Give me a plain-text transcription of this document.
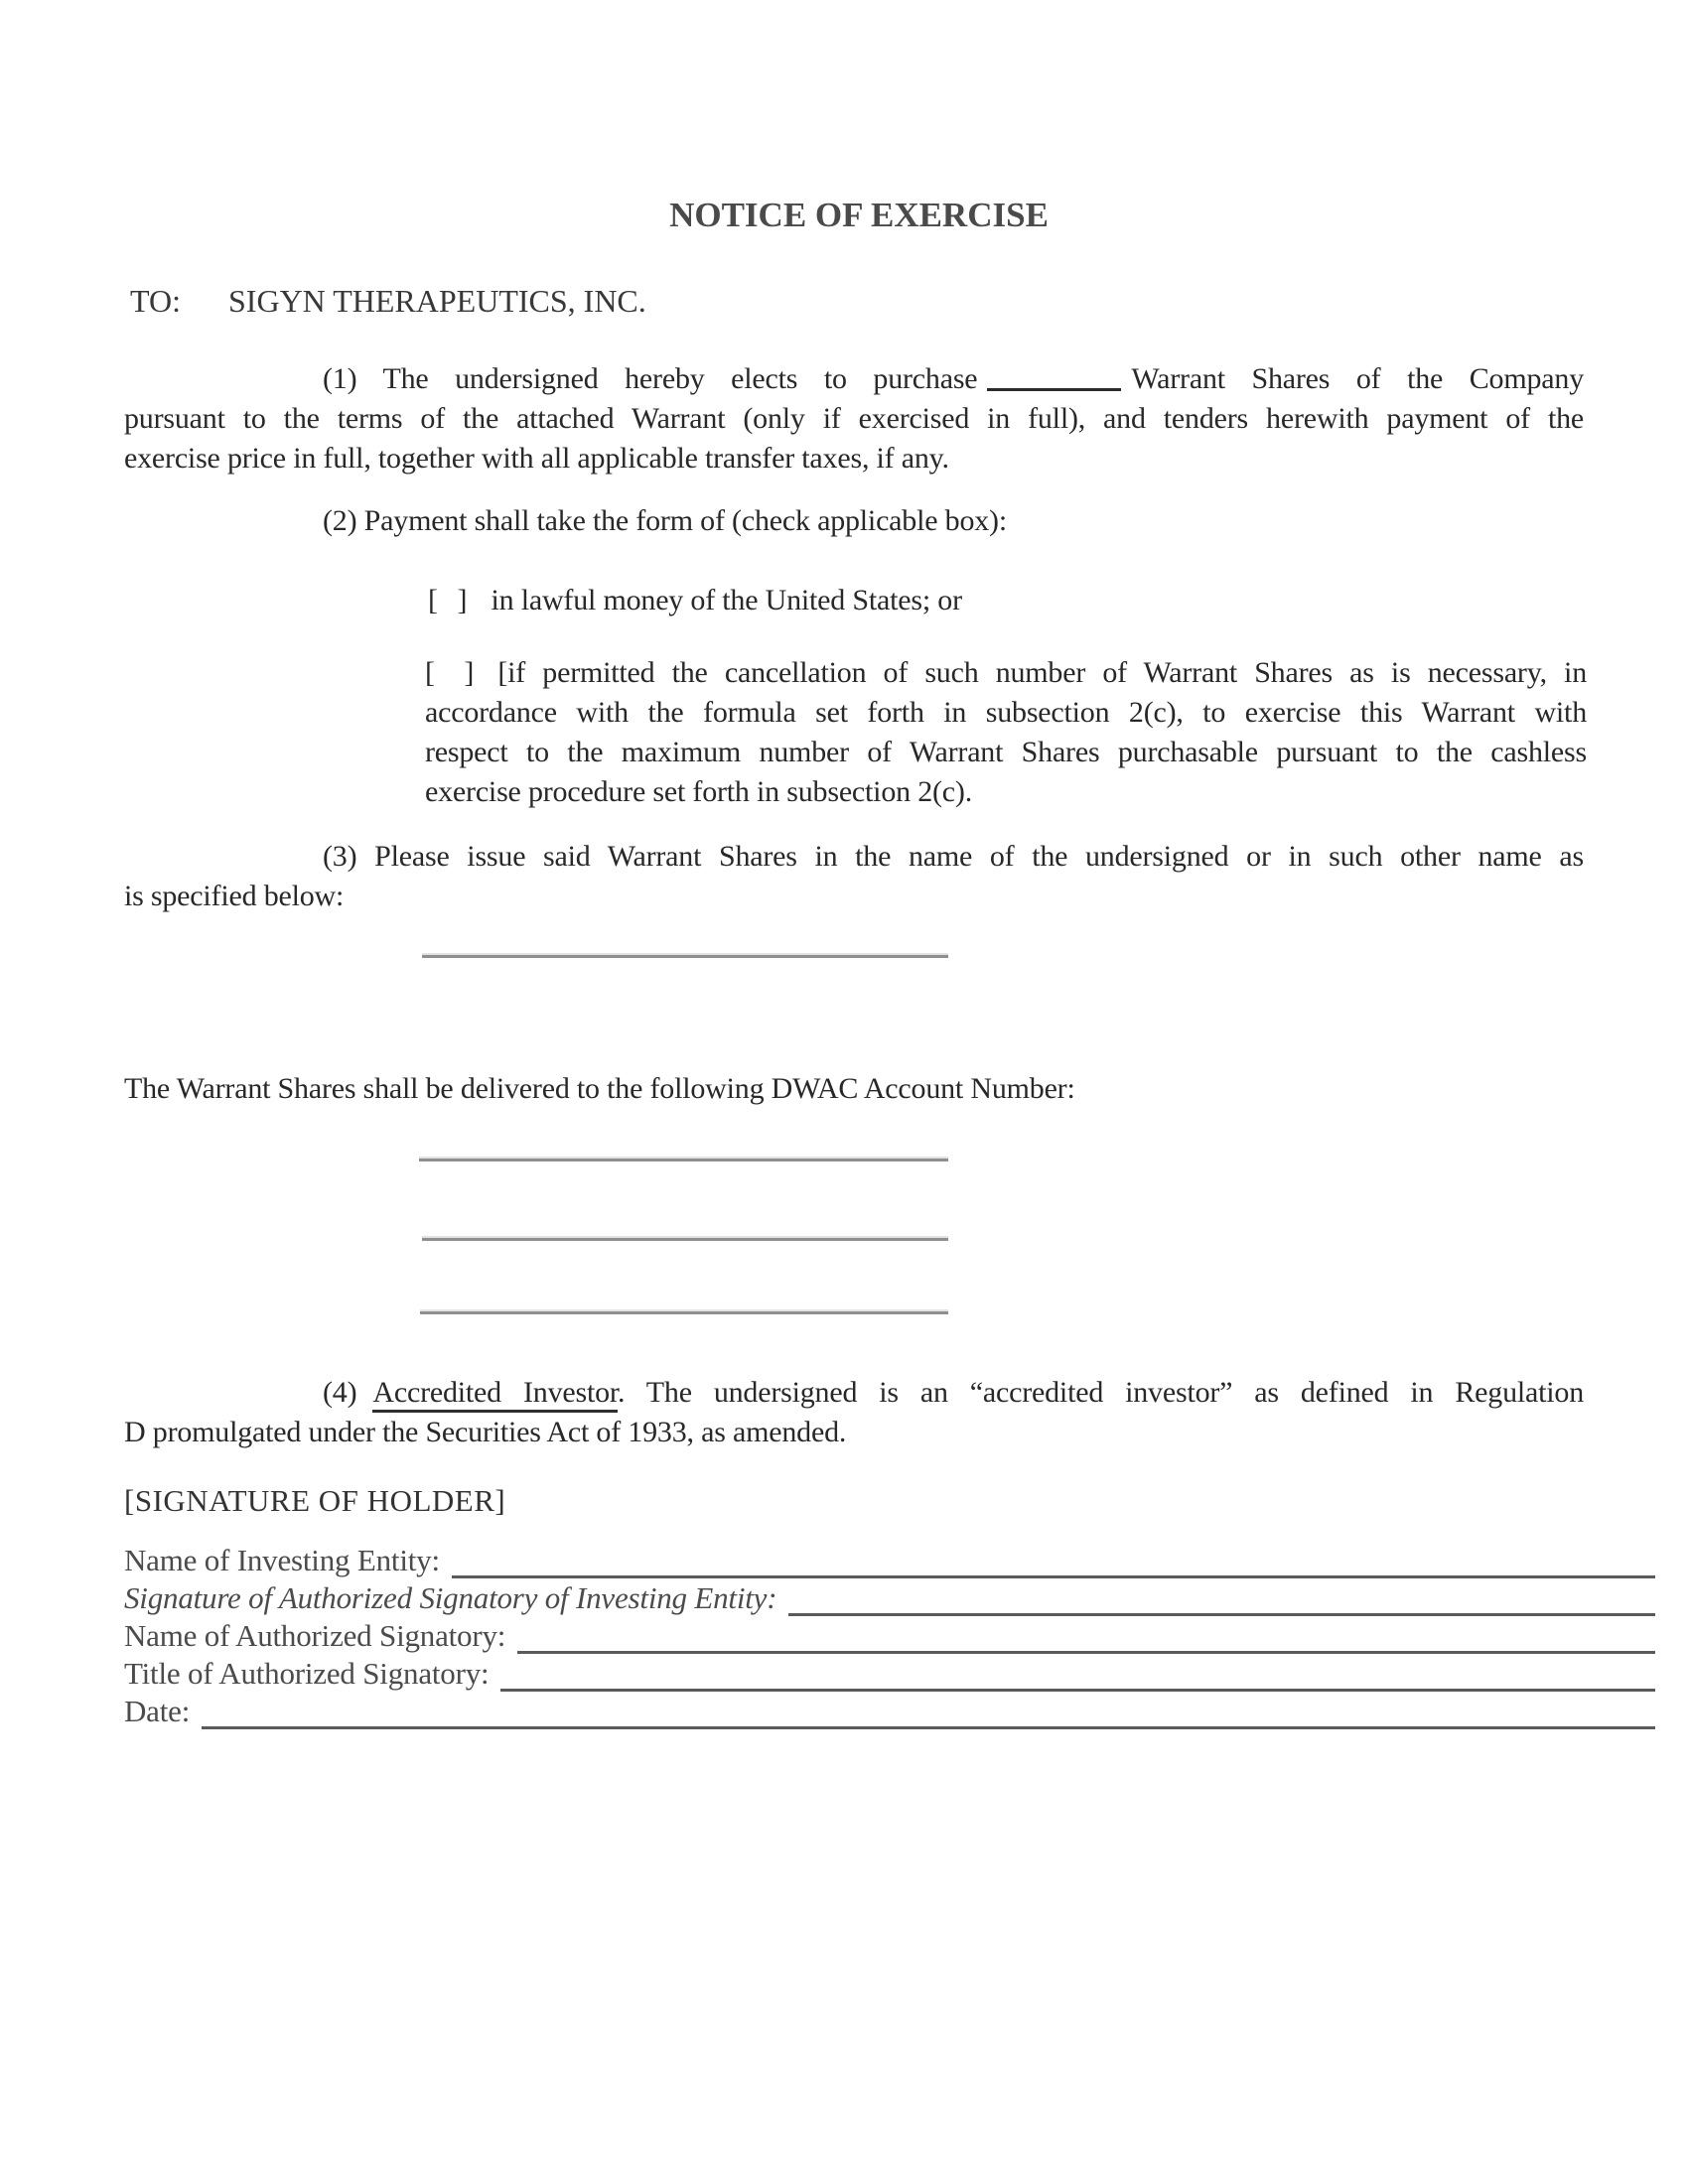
NOTICE OF EXERCISE
TO: SIGYN THERAPEUTICS, INC.
(1) The undersigned hereby elects to purchase	Warrant Shares of the Company
pursuant to the terms of the attached Warrant (only if exercised in full), and tenders herewith payment of the
exercise price in full, together with all applicable transfer taxes, if any.
(2) Payment shall take the form of (check applicable box):
[ ] in lawful money of the United States; or
[ ] [if permitted the cancellation of such number of Warrant Shares as is necessary, in
accordance with the formula set forth in subsection 2(c), to exercise this Warrant with
respect to the maximum number of Warrant Shares purchasable pursuant to the cashless
exercise procedure set forth in subsection 2(c).
(3) Please issue said Warrant Shares in the name of the undersigned or in such other name as
is specified below:
The Warrant Shares shall be delivered to the following DWAC Account Number:
(4) Accredited Investor. The undersigned is an “accredited investor” as defined in Regulation
D promulgated under the Securities Act of 1933, as amended.
[SIGNATURE OF HOLDER]
Name of Investing Entity:
Signature of Authorized Signatory of Investing Entity:
Name of Authorized Signatory:
Title of Authorized Signatory:
Date:
